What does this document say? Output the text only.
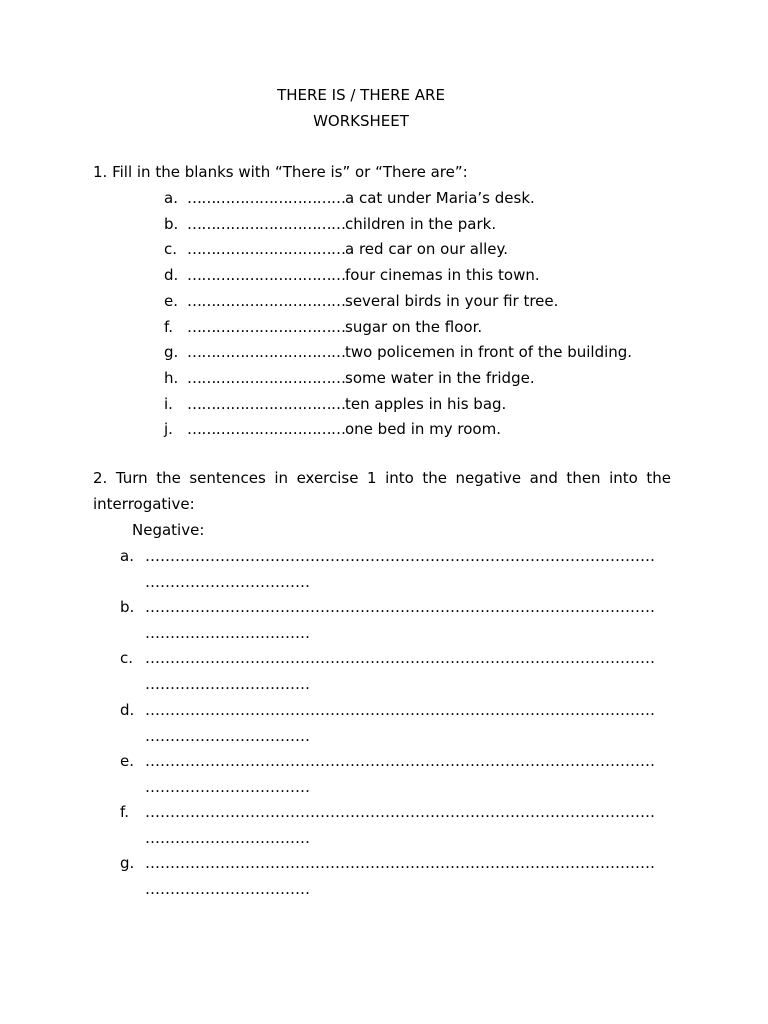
THERE IS / THERE ARE
WORKSHEET
1. Fill in the blanks with “There is” or “There are”:
a. …………………………… a cat under Maria’s desk.
b. …………………………… children in the park.
c. …………………………… a red car on our alley.
d. …………………………… four cinemas in this town.
e. …………………………… several birds in your fir tree.
f. …………………………… sugar on the floor.
g. …………………………… two policemen in front of the building.
h. …………………………… some water in the fridge.
i. …………………………… ten apples in his bag.
j. …………………………… one bed in my room.
2. Turn the sentences in exercise 1 into the negative and then into the
interrogative:
Negative:
a. …………………………………………………………………………………………
……………………………
b. …………………………………………………………………………………………
……………………………
c. …………………………………………………………………………………………
……………………………
d. …………………………………………………………………………………………
……………………………
e. …………………………………………………………………………………………
……………………………
f. …………………………………………………………………………………………
……………………………
g. …………………………………………………………………………………………
……………………………
